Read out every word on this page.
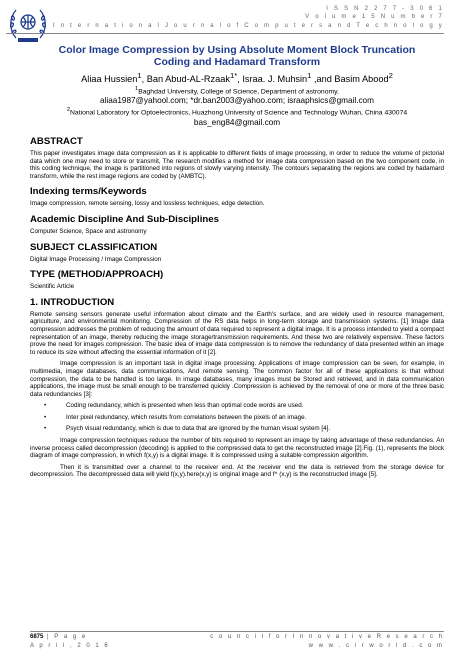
I S S N 2 2 7 7 - 3 0 6 1
V o l u m e 1 5 N u m b e r 7
I n t e r n a t i o n a l J o u r n a l o f C o m p u t e r s a n d T e c h n o l o g y
Color Image Compression by Using Absolute Moment Block Truncation Coding and Hadamard Transform
Aliaa Hussien$^1$, Ban Abud-AL-Rzaak$^{1*}$, Israa. J. Muhsin$^1$ ,and Basim Abood$^2$
$^1$Baghdad University, College of Science, Department of astronomy.
aliaa1987@yahool.com; *dr.ban2003@yahoo.com; israaphsics@gmail.com
$^2$National Laboratory for Optoelectronics, Huazhong University of Science and Technology Wuhan, China 430074
bas_eng84@gmail.com
ABSTRACT

This paper investigates image data compression as it is applicable to different fields of image processing, in order to reduce the volume of pictorial data which one may need to store or transmit, The research modifies a method for image data compression based on the two component code, in this coding technique, the image is partitioned into regions of slowly varying intensity. The contours separating the regions are coded by hadamard transform, while the rest image regions are coded by (AMBTC).

Indexing terms/Keywords

Image compression, remote sensing, lossy and lossless techniques, edge detection.

Academic Discipline And Sub-Disciplines

Computer Science, Space and astronomy

SUBJECT CLASSIFICATION

Digital Image Processing / Image Compression

TYPE (METHOD/APPROACH)

Scientific Article

1. INTRODUCTION

Remote sensing sensors generate useful information about climate and the Earth's surface, and are widely used in resource management, agriculture, and environmental monitoring. Compression of the RS data helps in long-term storage and transmission systems. [1] Image data compression addresses the problem of reducing the amount of data required to represent a digital image. It is a process intended to yield a compact representation of an image, thereby reducing the image storage/transmission requirements. And these two are relatively expensive. These factors prove the need for images compression. The basic idea of image data compression is to remove the redundancy of data presented within an image to reduce its size without affecting the essential information of it [2].

Image compression is an important task in digital image processing. Applications of image compression can be seen, for example, in multimedia, image databases, data communications, And remote sensing. The common factor for all of these applications is that without compression, the data to be handled is too large. In image databases, many images must be Stored and retrieved, and in data communication applications, the image must be small enough to be transferred quickly .Compression is achieved by the removal of one or more of the three basic data redundancies [3]:

•	Coding redundancy, which is presented when less than optimal code words are used.
•	Inter pixel redundancy, which results from correlations between the pixels of an image.
•	Psych visual redundancy, which is due to data that are ignored by the human visual system [4].

Image compression techniques reduce the number of bits required to represent an image by taking advantage of these redundancies. An inverse process called decompression (decoding) is applied to the compressed data to get the reconstructed image [2].Fig. (1), represents the block diagram of image compression, in which f(x,y) is a digital image. It is compressed using a suitable compression algorithm.

Then it is transmitted over a channel to the receiver end. At the receiver end the data is retrieved from the storage device for decompression. The decompressed data will yield f(x,y).here(x,y) is original image and f^ (x,y) is the reconstructed image [5].

6875 | P a g e
A p r i l , 2 0 1 6
c o u n c i l f o r I n n o v a t i v e R e s e a r c h
w w w . c i r w o r l d . c o m
